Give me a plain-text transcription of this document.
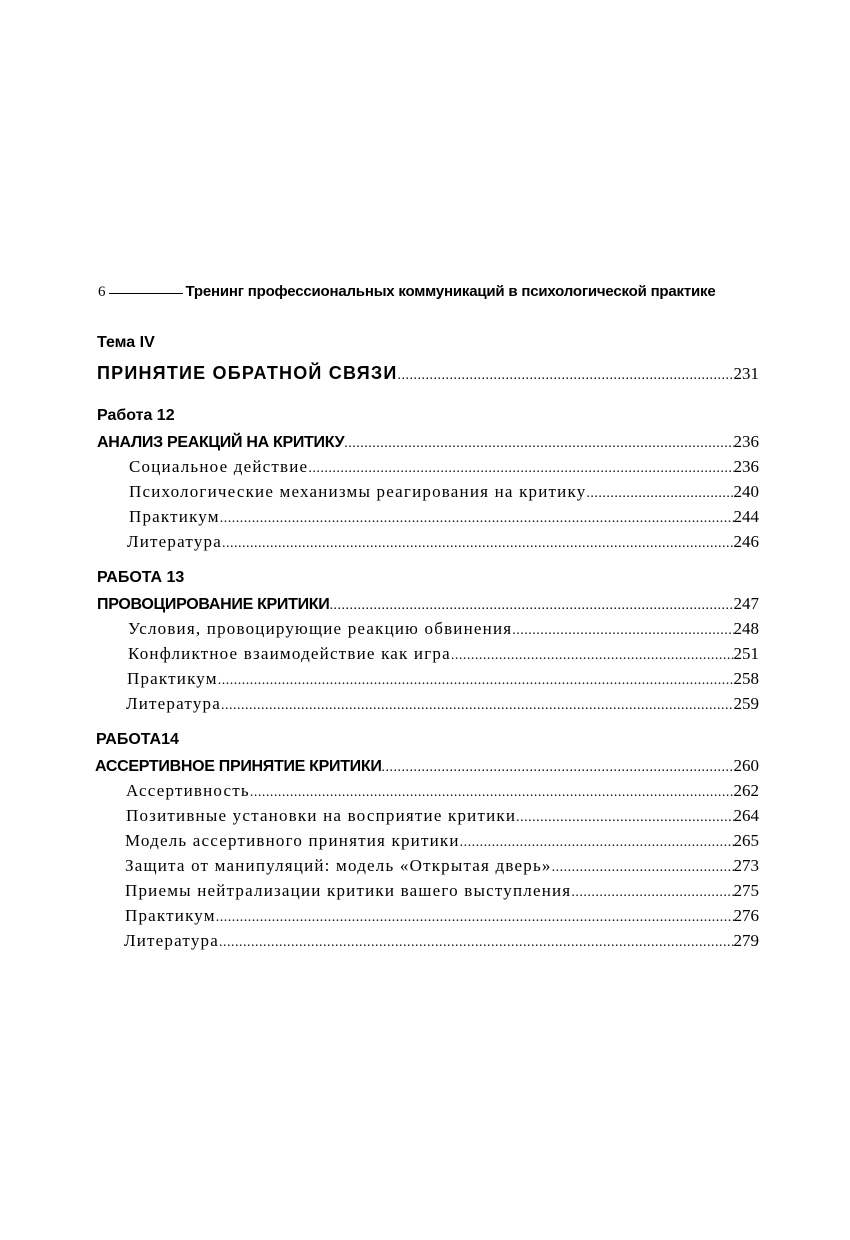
6	Тренинг профессиональных коммуникаций в психологической практике
Тема IV
ПРИНЯТИЕ ОБРАТНОЙ СВЯЗИ .....	231
Работа 12
АНАЛИЗ РЕАКЦИЙ НА КРИТИКУ .....	236
Социальное действие .....	236
Психологические механизмы реагирования на критику .....	240
Практикум .....	244
Литература .....	246
РАБОТА 13
ПРОВОЦИРОВАНИЕ КРИТИКИ .....	247
Условия, провоцирующие реакцию обвинения .....	248
Конфликтное взаимодействие как игра .....	251
Практикум .....	258
Литература .....	259
РАБОТА14
АССЕРТИВНОЕ ПРИНЯТИЕ КРИТИКИ .....	260
Ассертивность .....	262
Позитивные установки на восприятие критики .....	264
Модель ассертивного принятия критики .....	265
Защита от манипуляций: модель «Открытая дверь» .....	273
Приемы нейтрализации критики вашего выступления .....	275
Практикум .....	276
Литература .....	279
